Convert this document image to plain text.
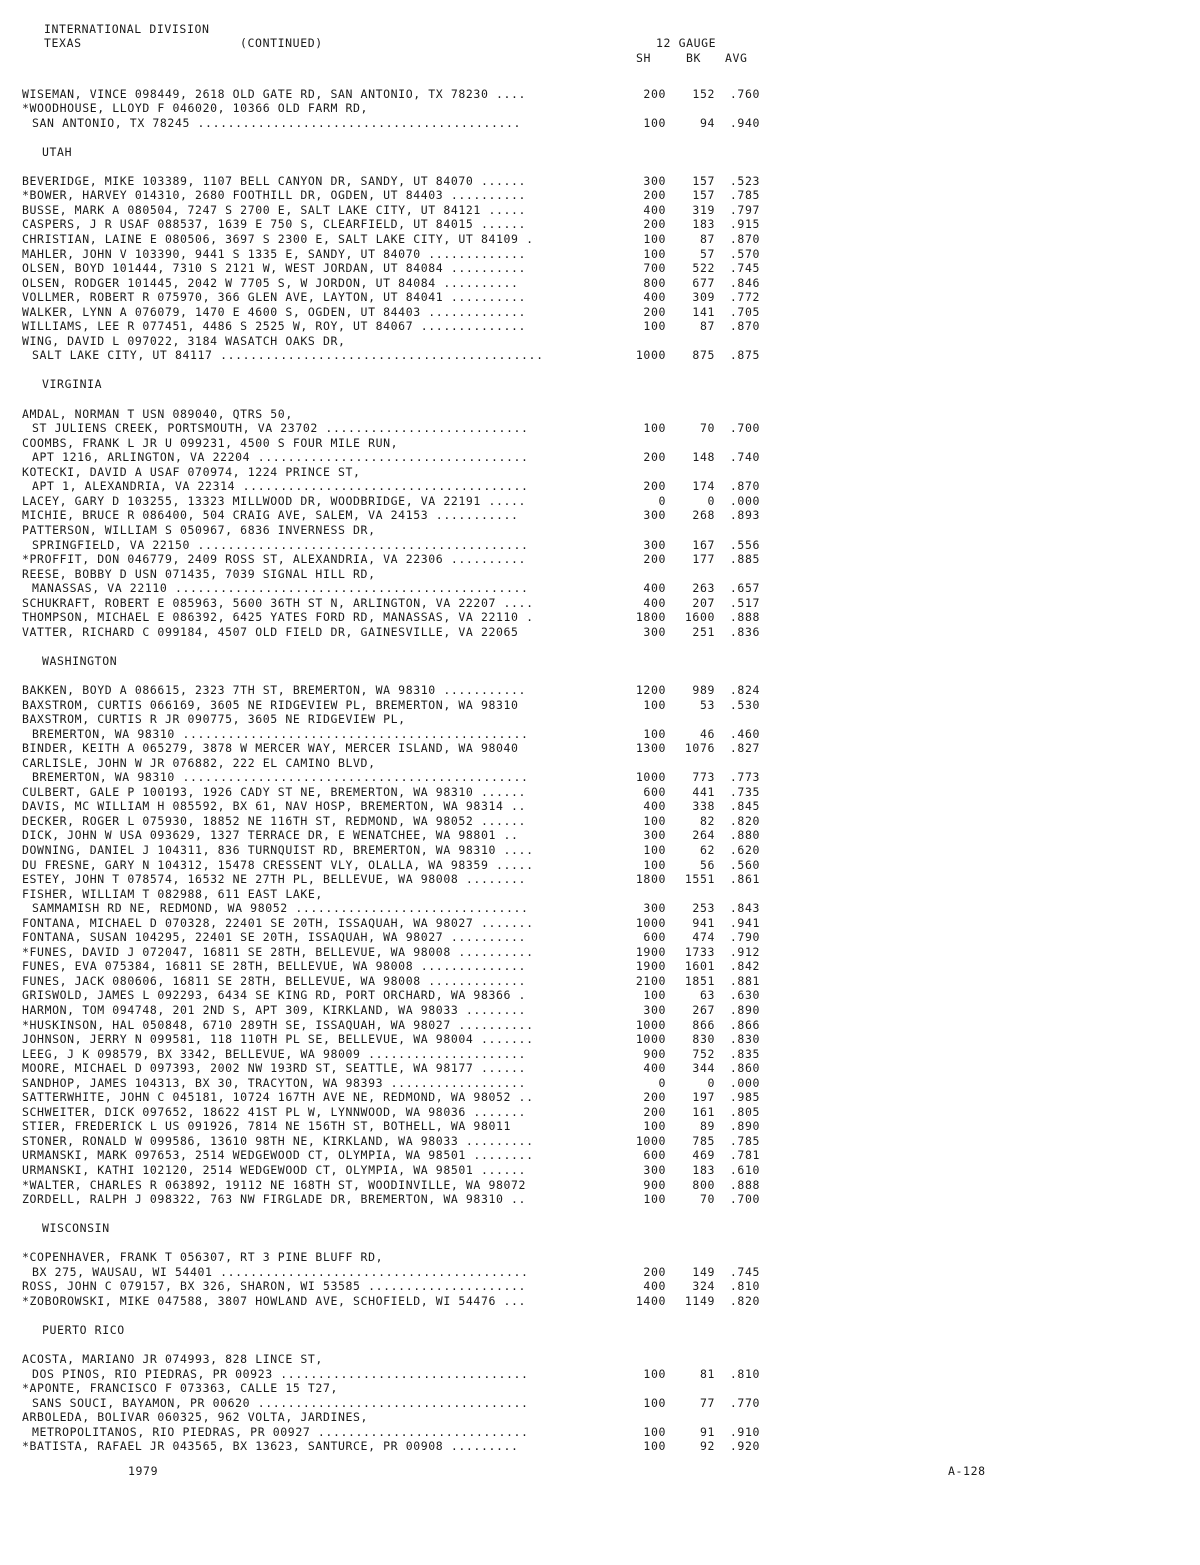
INTERNATIONAL DIVISION
TEXAS	(CONTINUED)	12 GAUGE
SH	BK AVG
WISEMAN, VINCE 098449, 2618 OLD GATE RD, SAN ANTONIO, TX 78230 ....	200	152	.760
*WOODHOUSE, LLOYD F 046020, 10366 OLD FARM RD,
SAN ANTONIO, TX 78245 ...........................................	100	94	.940
UTAH
BEVERIDGE, MIKE 103389, 1107 BELL CANYON DR, SANDY, UT 84070 ......	300	157	.523
*BOWER, HARVEY 014310, 2680 FOOTHILL DR, OGDEN, UT 84403 ..........	200	157	.785
BUSSE, MARK A 080504, 7247 S 2700 E, SALT LAKE CITY, UT 84121 .....	400	319	.797
CASPERS, J R USAF 088537, 1639 E 750 S, CLEARFIELD, UT 84015 ......	200	183	.915
CHRISTIAN, LAINE E 080506, 3697 S 2300 E, SALT LAKE CITY, UT 84109 .	100	87	.870
MAHLER, JOHN V 103390, 9441 S 1335 E, SANDY, UT 84070 .............	100	57	.570
OLSEN, BOYD 101444, 7310 S 2121 W, WEST JORDAN, UT 84084 ..........	700	522	.745
OLSEN, RODGER 101445, 2042 W 7705 S, W JORDON, UT 84084 ..........	800	677	.846
VOLLMER, ROBERT R 075970, 366 GLEN AVE, LAYTON, UT 84041 ..........	400	309	.772
WALKER, LYNN A 076079, 1470 E 4600 S, OGDEN, UT 84403 .............	200	141	.705
WILLIAMS, LEE R 077451, 4486 S 2525 W, ROY, UT 84067 ..............	100	87	.870
WING, DAVID L 097022, 3184 WASATCH OAKS DR,
SALT LAKE CITY, UT 84117 ...........................................	1000	875	.875
VIRGINIA
AMDAL, NORMAN T USN 089040, QTRS 50,
ST JULIENS CREEK, PORTSMOUTH, VA 23702 ...........................	100	70	.700
COOMBS, FRANK L JR U 099231, 4500 S FOUR MILE RUN,
APT 1216, ARLINGTON, VA 22204 ....................................	200	148	.740
KOTECKI, DAVID A USAF 070974, 1224 PRINCE ST,
APT 1, ALEXANDRIA, VA 22314 ......................................	200	174	.870
LACEY, GARY D 103255, 13323 MILLWOOD DR, WOODBRIDGE, VA 22191 .....	0	0	.000
MICHIE, BRUCE R 086400, 504 CRAIG AVE, SALEM, VA 24153 ...........	300	268	.893
PATTERSON, WILLIAM S 050967, 6836 INVERNESS DR,
SPRINGFIELD, VA 22150 ............................................	300	167	.556
*PROFFIT, DON 046779, 2409 ROSS ST, ALEXANDRIA, VA 22306 ..........	200	177	.885
REESE, BOBBY D USN 071435, 7039 SIGNAL HILL RD,
MANASSAS, VA 22110 ...............................................	400	263	.657
SCHUKRAFT, ROBERT E 085963, 5600 36TH ST N, ARLINGTON, VA 22207 ....	400	207	.517
THOMPSON, MICHAEL E 086392, 6425 YATES FORD RD, MANASSAS, VA 22110 .	1800	1600	.888
VATTER, RICHARD C 099184, 4507 OLD FIELD DR, GAINESVILLE, VA 22065	300	251	.836
WASHINGTON
BAKKEN, BOYD A 086615, 2323 7TH ST, BREMERTON, WA 98310 ...........	1200	989	.824
BAXSTROM, CURTIS 066169, 3605 NE RIDGEVIEW PL, BREMERTON, WA 98310	100	53	.530
BAXSTROM, CURTIS R JR 090775, 3605 NE RIDGEVIEW PL,
BREMERTON, WA 98310 ..............................................	100	46	.460
BINDER, KEITH A 065279, 3878 W MERCER WAY, MERCER ISLAND, WA 98040	1300	1076	.827
CARLISLE, JOHN W JR 076882, 222 EL CAMINO BLVD,
BREMERTON, WA 98310 ..............................................	1000	773	.773
CULBERT, GALE P 100193, 1926 CADY ST NE, BREMERTON, WA 98310 ......	600	441	.735
DAVIS, MC WILLIAM H 085592, BX 61, NAV HOSP, BREMERTON, WA 98314 ..	400	338	.845
DECKER, ROGER L 075930, 18852 NE 116TH ST, REDMOND, WA 98052 ......	100	82	.820
DICK, JOHN W USA 093629, 1327 TERRACE DR, E WENATCHEE, WA 98801 ..	300	264	.880
DOWNING, DANIEL J 104311, 836 TURNQUIST RD, BREMERTON, WA 98310 ....	100	62	.620
DU FRESNE, GARY N 104312, 15478 CRESSENT VLY, OLALLA, WA 98359 .....	100	56	.560
ESTEY, JOHN T 078574, 16532 NE 27TH PL, BELLEVUE, WA 98008 ........	1800	1551	.861
FISHER, WILLIAM T 082988, 611 EAST LAKE,
SAMMAMISH RD NE, REDMOND, WA 98052 ...............................	300	253	.843
FONTANA, MICHAEL D 070328, 22401 SE 20TH, ISSAQUAH, WA 98027 .......	1000	941	.941
FONTANA, SUSAN 104295, 22401 SE 20TH, ISSAQUAH, WA 98027 ..........	600	474	.790
*FUNES, DAVID J 072047, 16811 SE 28TH, BELLEVUE, WA 98008 ..........	1900	1733	.912
FUNES, EVA 075384, 16811 SE 28TH, BELLEVUE, WA 98008 ..............	1900	1601	.842
FUNES, JACK 080606, 16811 SE 28TH, BELLEVUE, WA 98008 .............	2100	1851	.881
GRISWOLD, JAMES L 092293, 6434 SE KING RD, PORT ORCHARD, WA 98366 .	100	63	.630
HARMON, TOM 094748, 201 2ND S, APT 309, KIRKLAND, WA 98033 ........	300	267	.890
*HUSKINSON, HAL 050848, 6710 289TH SE, ISSAQUAH, WA 98027 ..........	1000	866	.866
JOHNSON, JERRY N 099581, 118 110TH PL SE, BELLEVUE, WA 98004 .......	1000	830	.830
LEEG, J K 098579, BX 3342, BELLEVUE, WA 98009 .....................	900	752	.835
MOORE, MICHAEL D 097393, 2002 NW 193RD ST, SEATTLE, WA 98177 ......	400	344	.860
SANDHOP, JAMES 104313, BX 30, TRACYTON, WA 98393 ..................	0	0	.000
SATTERWHITE, JOHN C 045181, 10724 167TH AVE NE, REDMOND, WA 98052 ..	200	197	.985
SCHWEITER, DICK 097652, 18622 41ST PL W, LYNNWOOD, WA 98036 .......	200	161	.805
STIER, FREDERICK L US 091926, 7814 NE 156TH ST, BOTHELL, WA 98011	100	89	.890
STONER, RONALD W 099586, 13610 98TH NE, KIRKLAND, WA 98033 .........	1000	785	.785
URMANSKI, MARK 097653, 2514 WEDGEWOOD CT, OLYMPIA, WA 98501 ........	600	469	.781
URMANSKI, KATHI 102120, 2514 WEDGEWOOD CT, OLYMPIA, WA 98501 ......	300	183	.610
*WALTER, CHARLES R 063892, 19112 NE 168TH ST, WOODINVILLE, WA 98072	900	800	.888
ZORDELL, RALPH J 098322, 763 NW FIRGLADE DR, BREMERTON, WA 98310 ..	100	70	.700
WISCONSIN
*COPENHAVER, FRANK T 056307, RT 3 PINE BLUFF RD,
BX 275, WAUSAU, WI 54401 .........................................	200	149	.745
ROSS, JOHN C 079157, BX 326, SHARON, WI 53585 .....................	400	324	.810
*ZOBOROWSKI, MIKE 047588, 3807 HOWLAND AVE, SCHOFIELD, WI 54476 ...	1400	1149	.820
PUERTO RICO
ACOSTA, MARIANO JR 074993, 828 LINCE ST,
DOS PINOS, RIO PIEDRAS, PR 00923 .................................	100	81	.810
*APONTE, FRANCISCO F 073363, CALLE 15 T27,
SANS SOUCI, BAYAMON, PR 00620 ....................................	100	77	.770
ARBOLEDA, BOLIVAR 060325, 962 VOLTA, JARDINES,
METROPOLITANOS, RIO PIEDRAS, PR 00927 ............................	100	91	.910
*BATISTA, RAFAEL JR 043565, BX 13623, SANTURCE, PR 00908 .........	100	92	.920
1979	A-128
